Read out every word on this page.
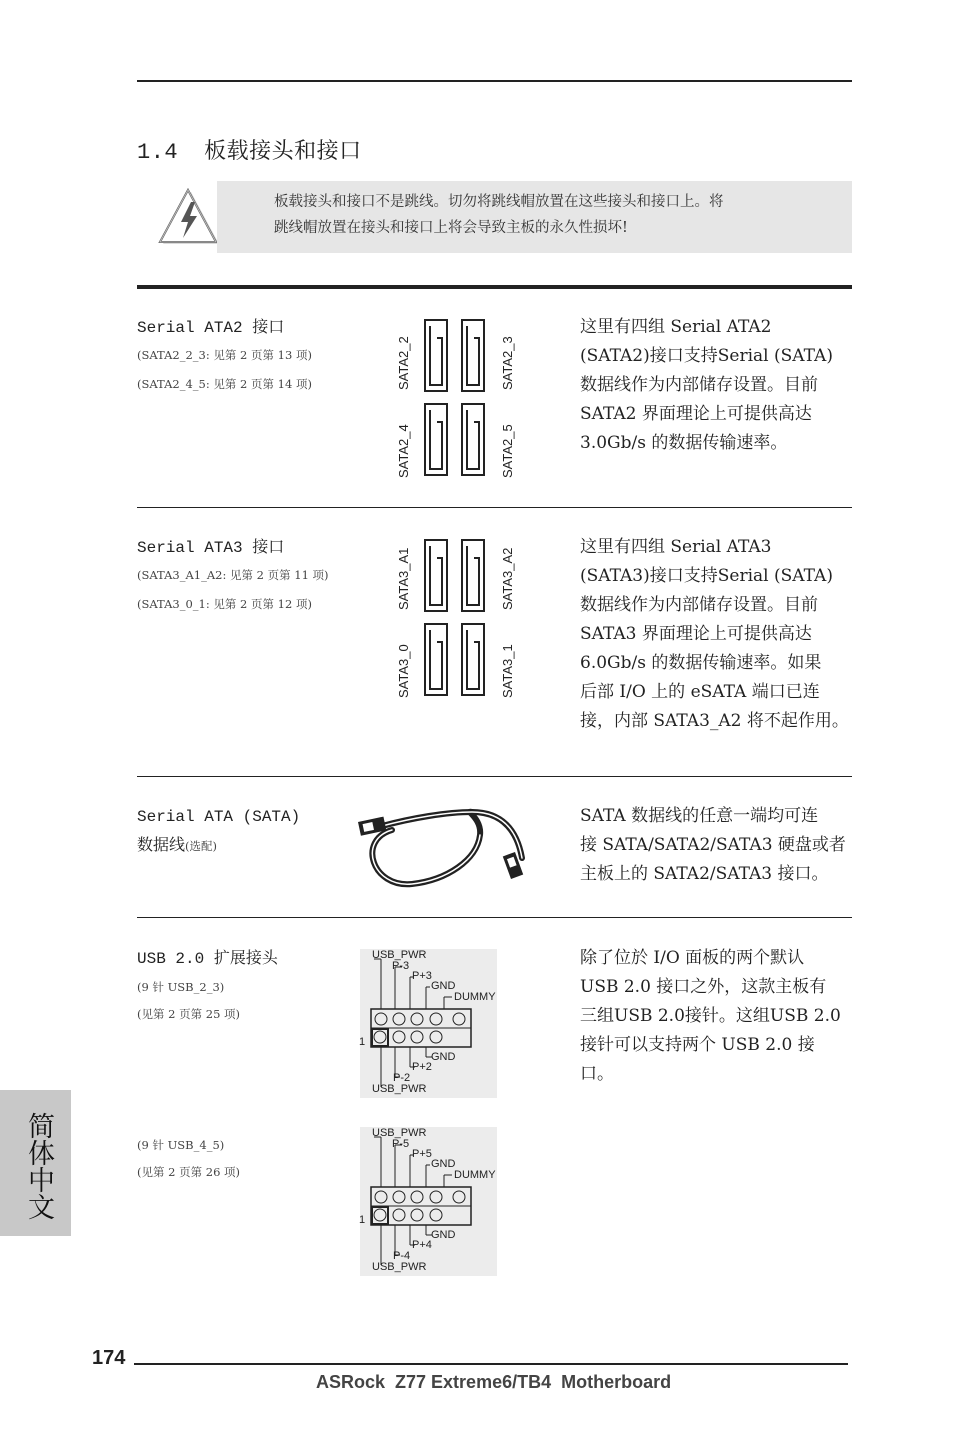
1.4 板载接头和接口
板载接头和接口不是跳线。切勿将跳线帽放置在这些接头和接口上。将
跳线帽放置在接头和接口上将会导致主板的永久性损坏!
Serial ATA2 接口
(SATA2_2_3: 见第 2 页第 13 项)
(SATA2_4_5: 见第 2 页第 14 项)	SATA2_2	SATA2_3
SATA2_4	SATA2_5
这里有四组 Serial ATA2
(SATA2)接口支持Serial (SATA)
数据线作为内部储存设置。目前
SATA2 界面理论上可提供高达
3.0Gb/s 的数据传输速率。
Serial ATA3 接口
(SATA3_A1_A2: 见第 2 页第 11 项)
(SATA3_0_1: 见第 2 页第 12 项)	SATA3_A1	SATA3_A2
SATA3_0	SATA3_1
这里有四组 Serial ATA3
(SATA3)接口支持Serial (SATA)
数据线作为内部储存设置。目前
SATA3 界面理论上可提供高达
6.0Gb/s 的数据传输速率。如果
后部 I/O 上的 eSATA 端口已连
接，内部 SATA3_A2 将不起作用。
Serial ATA (SATA)
数据线(选配)
SATA 数据线的任意一端均可连
接 SATA/SATA2/SATA3 硬盘或者
主板上的 SATA2/SATA3 接口。
USB 2.0 扩展接头
(9 针 USB_2_3)
(见第 2 页第 25 项)
(9 针 USB_4_5)
(见第 2 页第 26 项)
USB_PWR
P-3
P+3
GND
DUMMY
1
GND
P+2
P-2
USB_PWR
USB_PWR
P-5
P+5
GND
DUMMY
1
GND
P+4
P-4
USB_PWR
除了位於 I/O 面板的两个默认
USB 2.0 接口之外，这款主板有
三组USB 2.0接针。这组USB 2.0
接针可以支持两个 USB 2.0 接
口。
简体中文
174
ASRock  Z77 Extreme6/TB4  Motherboard
